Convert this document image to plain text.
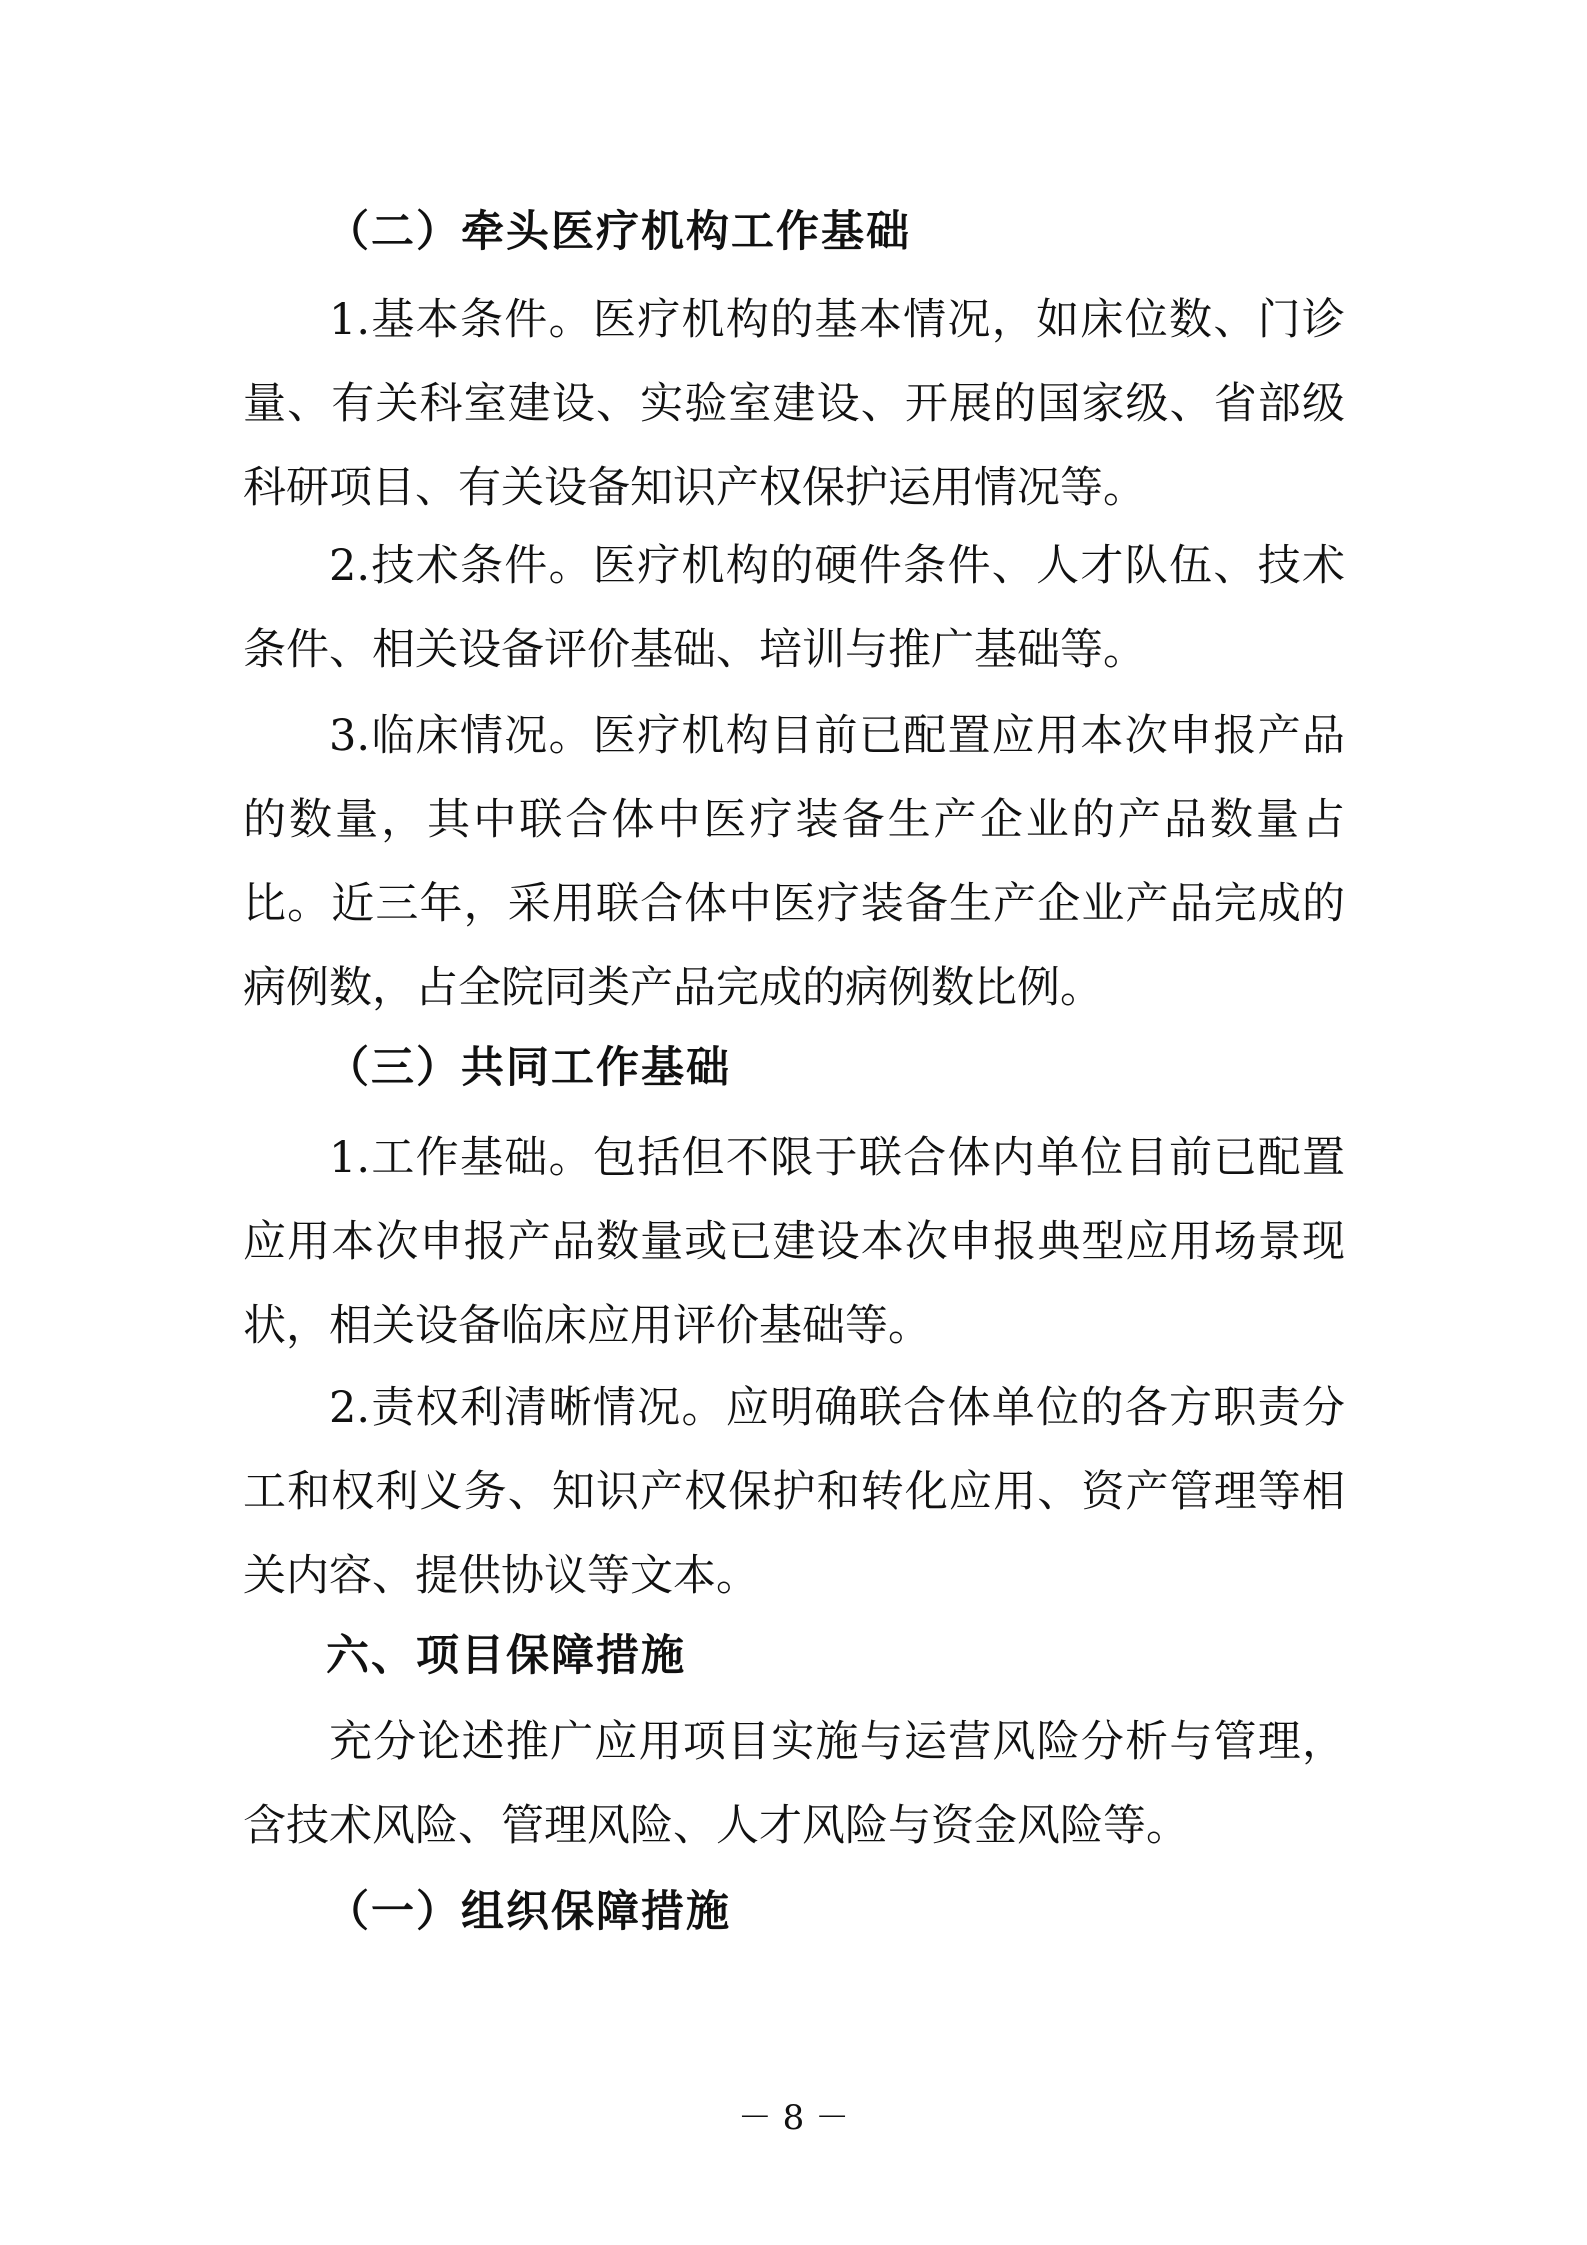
（二）牵头医疗机构工作基础

1.基本条件。医疗机构的基本情况，如床位数、门诊量、有关科室建设、实验室建设、开展的国家级、省部级科研项目、有关设备知识产权保护运用情况等。

2.技术条件。医疗机构的硬件条件、人才队伍、技术条件、相关设备评价基础、培训与推广基础等。

3.临床情况。医疗机构目前已配置应用本次申报产品的数量，其中联合体中医疗装备生产企业的产品数量占比。近三年，采用联合体中医疗装备生产企业产品完成的病例数，占全院同类产品完成的病例数比例。

（三）共同工作基础

1.工作基础。包括但不限于联合体内单位目前已配置应用本次申报产品数量或已建设本次申报典型应用场景现状，相关设备临床应用评价基础等。

2.责权利清晰情况。应明确联合体单位的各方职责分工和权利义务、知识产权保护和转化应用、资产管理等相关内容、提供协议等文本。

六、项目保障措施

充分论述推广应用项目实施与运营风险分析与管理，含技术风险、管理风险、人才风险与资金风险等。

（一）组织保障措施

－ 8 －
